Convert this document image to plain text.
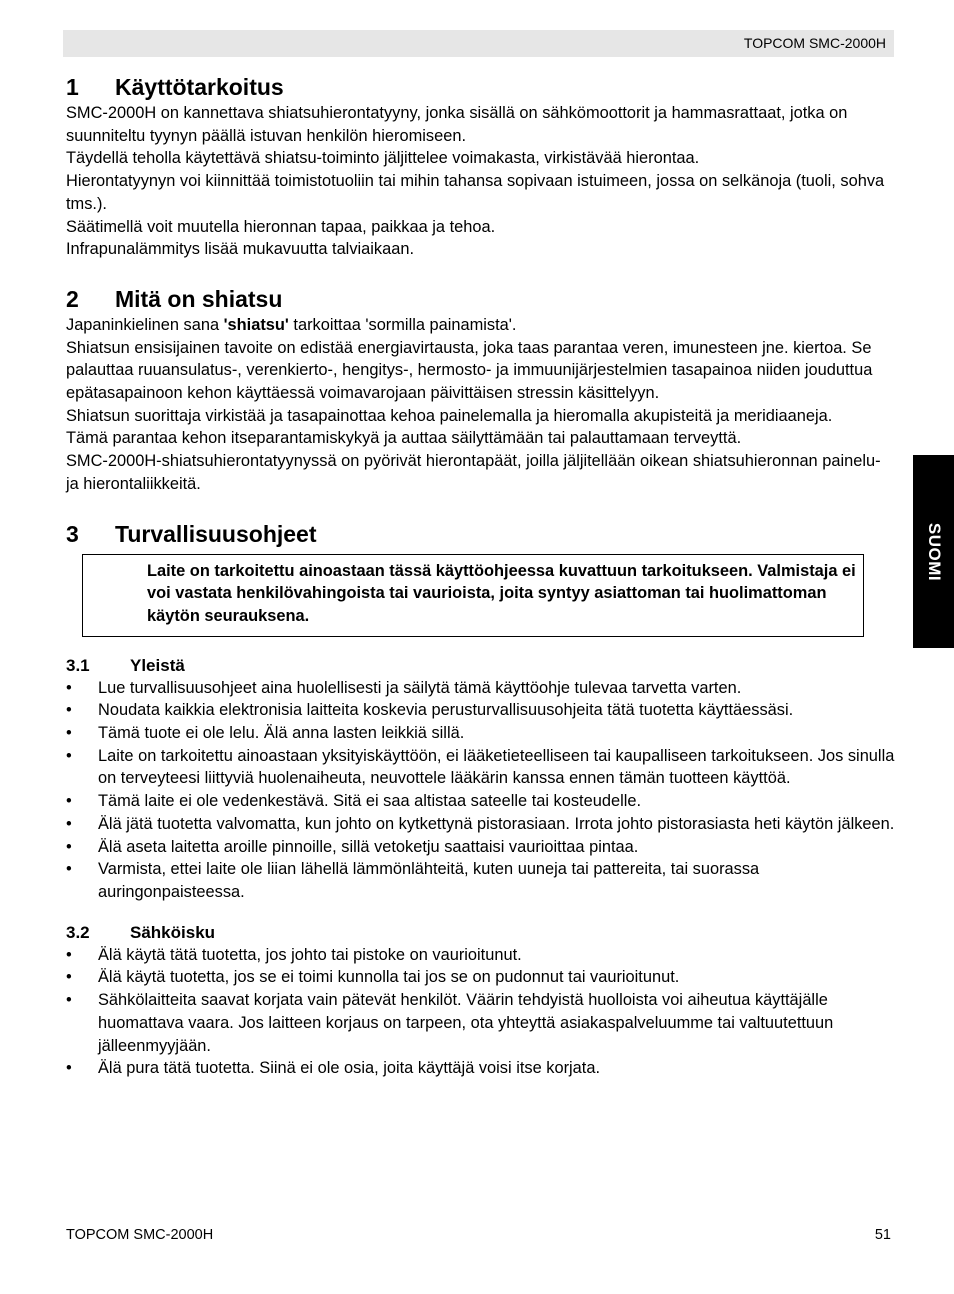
TOPCOM SMC-2000H
SUOMI
1	Käyttötarkoitus

SMC-2000H on kannettava shiatsuhierontatyyny, jonka sisällä on sähkömoottorit ja hammasrattaat, jotka on suunniteltu tyynyn päällä istuvan henkilön hieromiseen.

Täydellä teholla käytettävä shiatsu-toiminto jäljittelee voimakasta, virkistävää hierontaa.

Hierontatyynyn voi kiinnittää toimistotuoliin tai mihin tahansa sopivaan istuimeen, jossa on selkänoja (tuoli, sohva tms.).

Säätimellä voit muutella hieronnan tapaa, paikkaa ja tehoa.

Infrapunalämmitys lisää mukavuutta talviaikaan.

2	Mitä on shiatsu

Japaninkielinen sana 'shiatsu' tarkoittaa 'sormilla painamista'.

Shiatsun ensisijainen tavoite on edistää energiavirtausta, joka taas parantaa veren, imunesteen jne. kiertoa. Se palauttaa ruuansulatus-, verenkierto-, hengitys-, hermosto- ja immuunijärjestelmien tasapainoa niiden jouduttua epätasapainoon kehon käyttäessä voimavarojaan päivittäisen stressin käsittelyyn.

Shiatsun suorittaja virkistää ja tasapainottaa kehoa painelemalla ja hieromalla akupisteitä ja meridiaaneja.

Tämä parantaa kehon itseparantamiskykyä ja auttaa säilyttämään tai palauttamaan terveyttä.

SMC-2000H-shiatsuhierontatyynyssä on pyörivät hierontapäät, joilla jäljitellään oikean shiatsuhieronnan painelu- ja hierontaliikkeitä.

3	Turvallisuusohjeet
Laite on tarkoitettu ainoastaan tässä käyttöohjeessa kuvattuun tarkoitukseen. Valmistaja ei voi vastata henkilövahingoista tai vaurioista, joita syntyy asiattoman tai huolimattoman käytön seurauksena.
3.1	Yleistä
•	Lue turvallisuusohjeet aina huolellisesti ja säilytä tämä käyttöohje tulevaa tarvetta varten.
•	Noudata kaikkia elektronisia laitteita koskevia perusturvallisuusohjeita tätä tuotetta käyttäessäsi.
•	Tämä tuote ei ole lelu. Älä anna lasten leikkiä sillä.
•	Laite on tarkoitettu ainoastaan yksityiskäyttöön, ei lääketieteelliseen tai kaupalliseen tarkoitukseen. Jos sinulla on terveyteesi liittyviä huolenaiheuta, neuvottele lääkärin kanssa ennen tämän tuotteen käyttöä.
•	Tämä laite ei ole vedenkestävä. Sitä ei saa altistaa sateelle tai kosteudelle.
•	Älä jätä tuotetta valvomatta, kun johto on kytkettynä pistorasiaan. Irrota johto pistorasiasta heti käytön jälkeen.
•	Älä aseta laitetta aroille pinnoille, sillä vetoketju saattaisi vaurioittaa pintaa.
•	Varmista, ettei laite ole liian lähellä lämmönlähteitä, kuten uuneja tai pattereita, tai suorassa auringonpaisteessa.
3.2	Sähköisku
•	Älä käytä tätä tuotetta, jos johto tai pistoke on vaurioitunut.
•	Älä käytä tuotetta, jos se ei toimi kunnolla tai jos se on pudonnut tai vaurioitunut.
•	Sähkölaitteita saavat korjata vain pätevät henkilöt. Väärin tehdyistä huolloista voi aiheutua käyttäjälle huomattava vaara. Jos laitteen korjaus on tarpeen, ota yhteyttä asiakaspalveluumme tai valtuutettuun jälleenmyyjään.
•	Älä pura tätä tuotetta. Siinä ei ole osia, joita käyttäjä voisi itse korjata.
TOPCOM SMC-2000H	51
